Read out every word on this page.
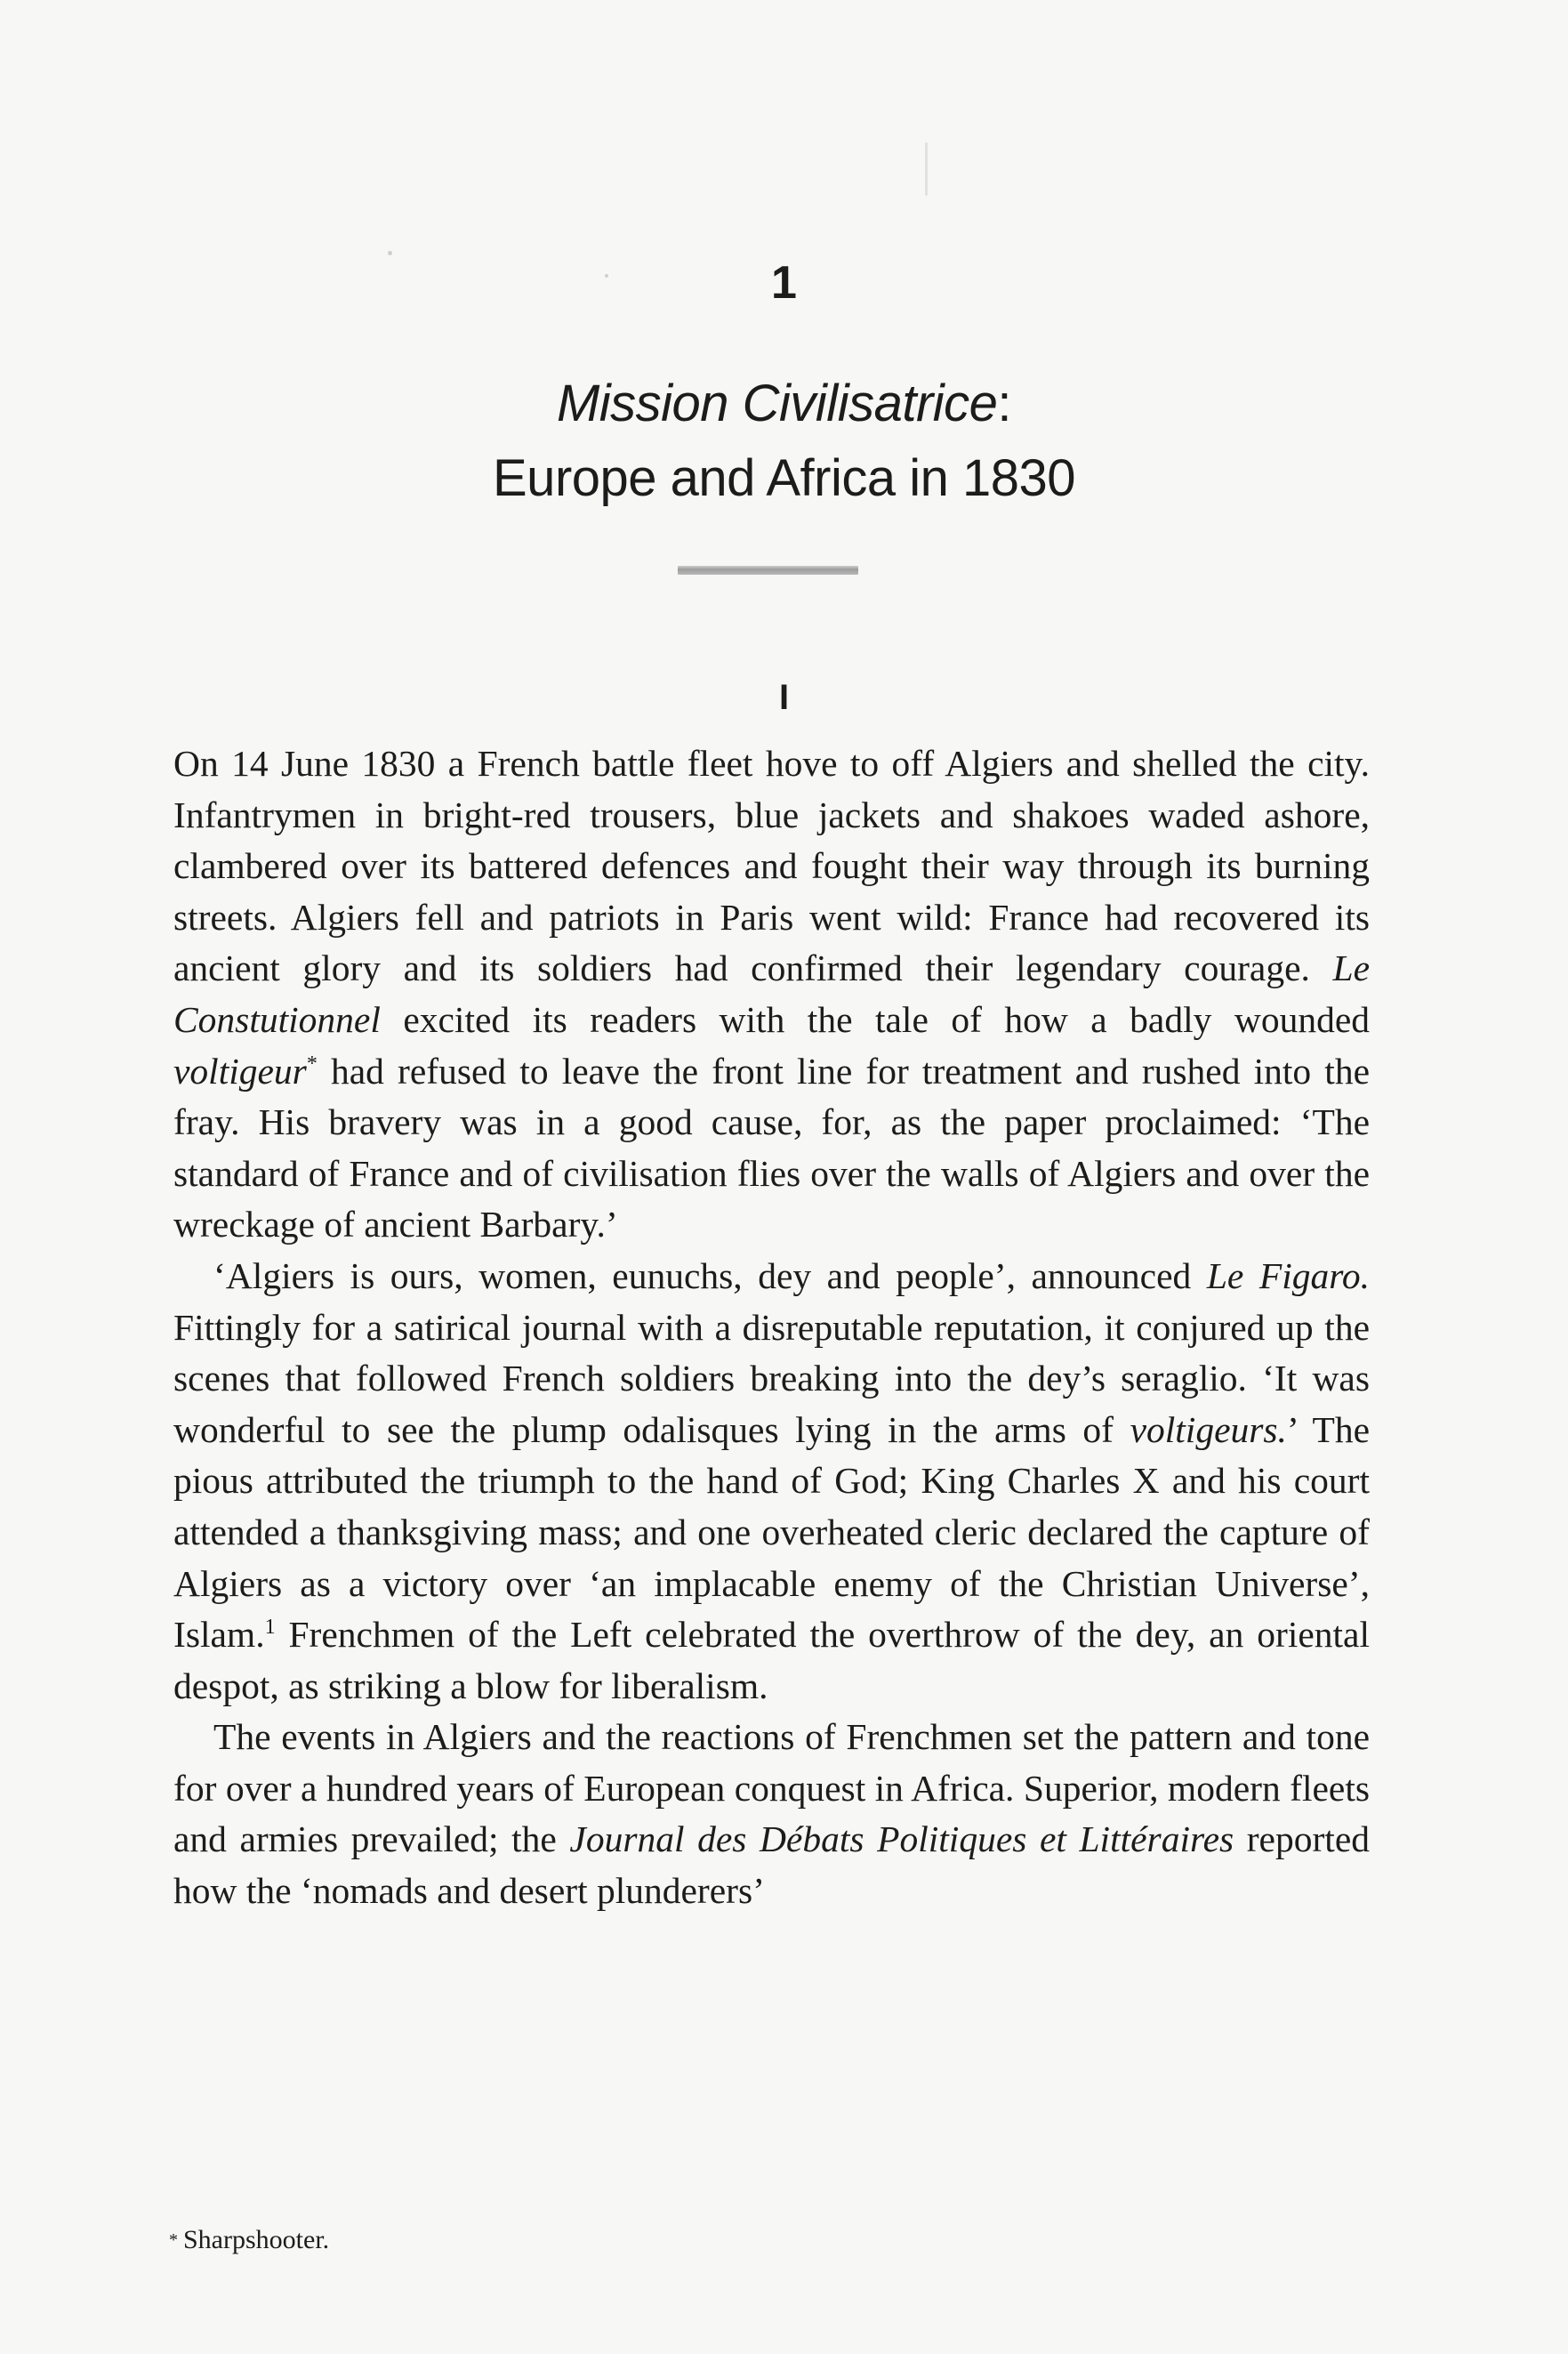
1
Mission Civilisatrice:
Europe and Africa in 1830
I

On 14 June 1830 a French battle fleet hove to off Algiers and shelled the city. Infantrymen in bright-red trousers, blue jackets and shakoes waded ashore, clambered over its battered defences and fought their way through its burning streets. Algiers fell and patriots in Paris went wild: France had recovered its ancient glory and its soldiers had confirmed their legendary courage. Le Constutionnel excited its readers with the tale of how a badly wounded voltigeur* had refused to leave the front line for treatment and rushed into the fray. His bravery was in a good cause, for, as the paper proclaimed: ‘The standard of France and of civilisation flies over the walls of Algiers and over the wreckage of ancient Barbary.’

‘Algiers is ours, women, eunuchs, dey and people’, announced Le Figaro. Fittingly for a satirical journal with a disreputable reputation, it conjured up the scenes that followed French soldiers breaking into the dey’s seraglio. ‘It was wonderful to see the plump odalisques lying in the arms of voltigeurs.’ The pious attributed the triumph to the hand of God; King Charles X and his court attended a thanksgiving mass; and one overheated cleric declared the capture of Algiers as a victory over ‘an implacable enemy of the Christian Universe’, Islam.$^1$ Frenchmen of the Left celebrated the overthrow of the dey, an oriental despot, as striking a blow for liberalism.

The events in Algiers and the reactions of Frenchmen set the pattern and tone for over a hundred years of European conquest in Africa. Superior, modern fleets and armies prevailed; the Journal des Débats Politiques et Littéraires reported how the ‘nomads and desert plunderers’

* Sharpshooter.
